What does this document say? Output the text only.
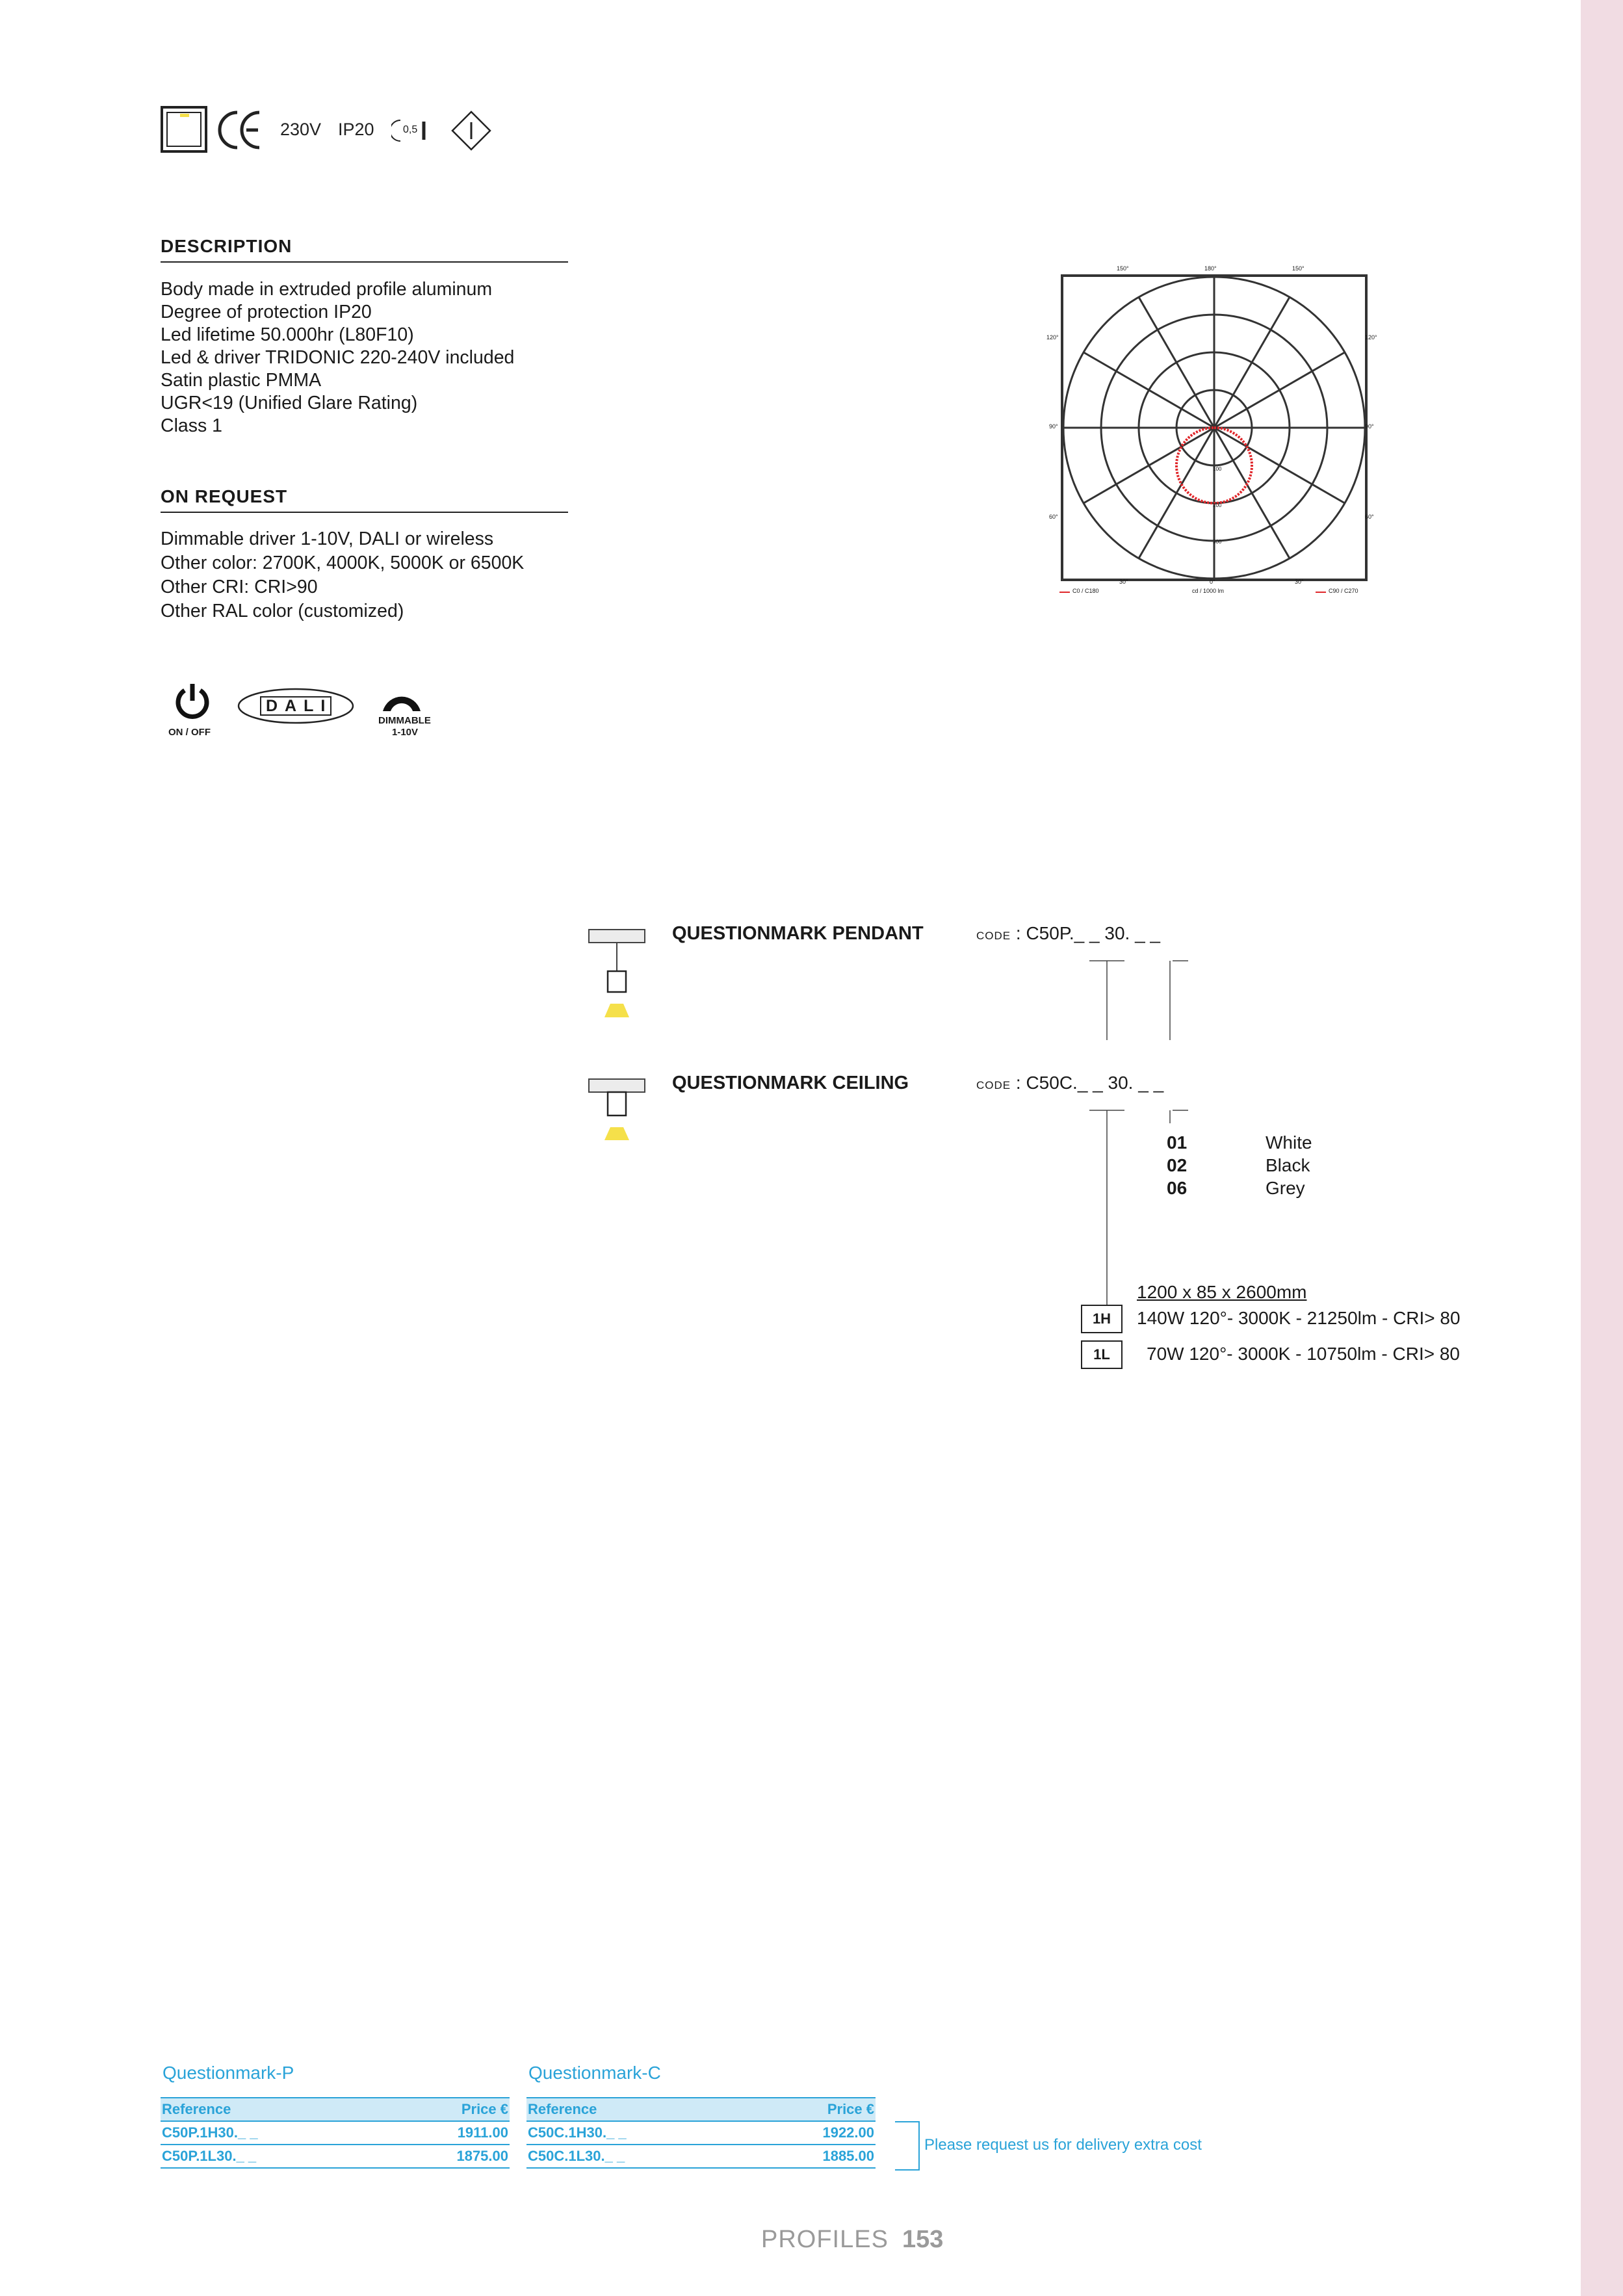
230V IP20	0,5
DESCRIPTION
Body made in extruded profile aluminum
Degree of protection IP20
Led lifetime 50.000hr (L80F10)
Led & driver TRIDONIC 220-240V included
Satin plastic PMMA
UGR<19 (Unified Glare Rating)
Class 1
ON REQUEST
Dimmable driver 1-10V, DALI or wireless
Other color: 2700K, 4000K, 5000K or 6500K
Other CRI: CRI>90
Other RAL color (customized)
ON / OFF
DALI
DIMMABLE
1-10V
150°	180°	150°
120°
90°
60°
120°
90°
60°
30°	0°	30°
100
200
300
C0 / C180	cd / 1000 lm	C90 / C270
QUESTIONMARK PENDANT	code : C50P._ _ 30. _ _
QUESTIONMARK CEILING	code : C50C._ _ 30. _ _
01	White
02	Black
06	Grey
1200 x 85 x 2600mm
1H	140W 120°- 3000K - 21250lm - CRI> 80
1L	70W 120°- 3000K - 10750lm - CRI> 80
Questionmark-P
Reference	Price €
C50P.1H30._ _	1911.00
C50P.1L30._ _	1875.00
Questionmark-C
Reference	Price €
C50C.1H30._ _	1922.00
C50C.1L30._ _	1885.00
Please request us for delivery extra cost
PROFILES 153
